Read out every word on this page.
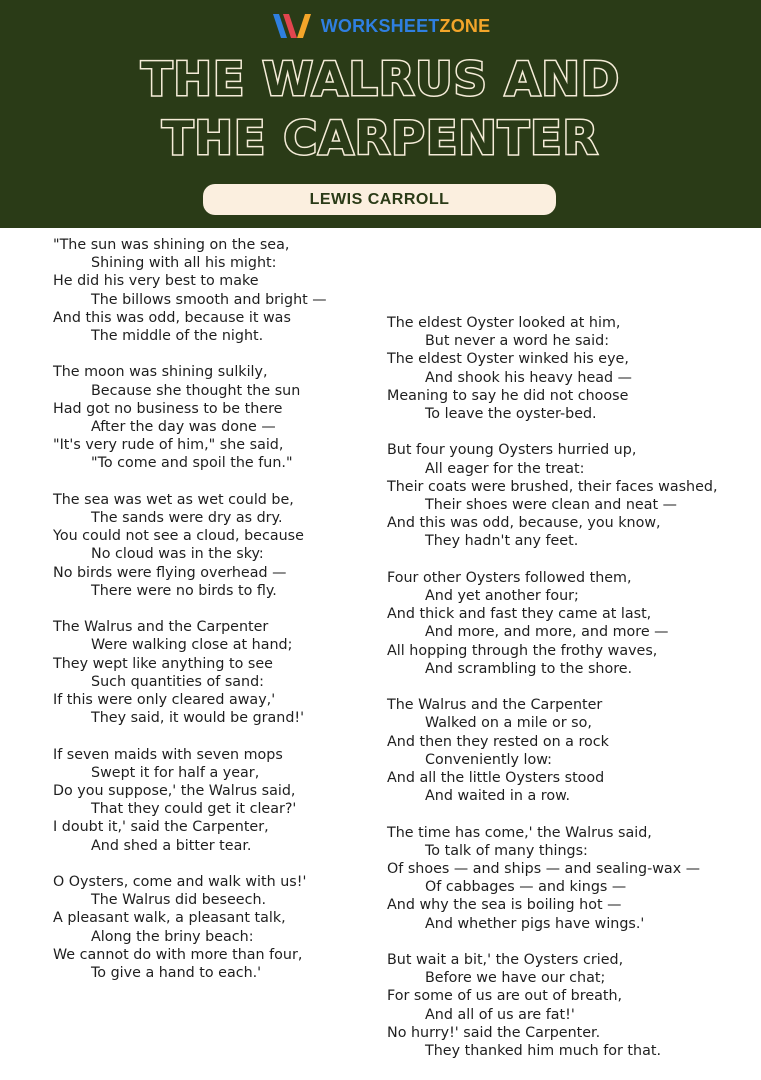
WORKSHEETZONE
THE WALRUS AND
THE CARPENTER
LEWIS CARROLL
"The sun was shining on the sea,
Shining with all his might:
He did his very best to make
The billows smooth and bright —
And this was odd, because it was
The middle of the night.
The moon was shining sulkily,
Because she thought the sun
Had got no business to be there
After the day was done —
"It's very rude of him," she said,
"To come and spoil the fun."
The sea was wet as wet could be,
The sands were dry as dry.
You could not see a cloud, because
No cloud was in the sky:
No birds were flying overhead —
There were no birds to fly.
The Walrus and the Carpenter
Were walking close at hand;
They wept like anything to see
Such quantities of sand:
If this were only cleared away,'
They said, it would be grand!'
If seven maids with seven mops
Swept it for half a year,
Do you suppose,' the Walrus said,
That they could get it clear?'
I doubt it,' said the Carpenter,
And shed a bitter tear.
O Oysters, come and walk with us!'
The Walrus did beseech.
A pleasant walk, a pleasant talk,
Along the briny beach:
We cannot do with more than four,
To give a hand to each.'
The eldest Oyster looked at him,
But never a word he said:
The eldest Oyster winked his eye,
And shook his heavy head —
Meaning to say he did not choose
To leave the oyster-bed.
But four young Oysters hurried up,
All eager for the treat:
Their coats were brushed, their faces washed,
Their shoes were clean and neat —
And this was odd, because, you know,
They hadn't any feet.
Four other Oysters followed them,
And yet another four;
And thick and fast they came at last,
And more, and more, and more —
All hopping through the frothy waves,
And scrambling to the shore.
The Walrus and the Carpenter
Walked on a mile or so,
And then they rested on a rock
Conveniently low:
And all the little Oysters stood
And waited in a row.
The time has come,' the Walrus said,
To talk of many things:
Of shoes — and ships — and sealing-wax —
Of cabbages — and kings —
And why the sea is boiling hot —
And whether pigs have wings.'
But wait a bit,' the Oysters cried,
Before we have our chat;
For some of us are out of breath,
And all of us are fat!'
No hurry!' said the Carpenter.
They thanked him much for that.
